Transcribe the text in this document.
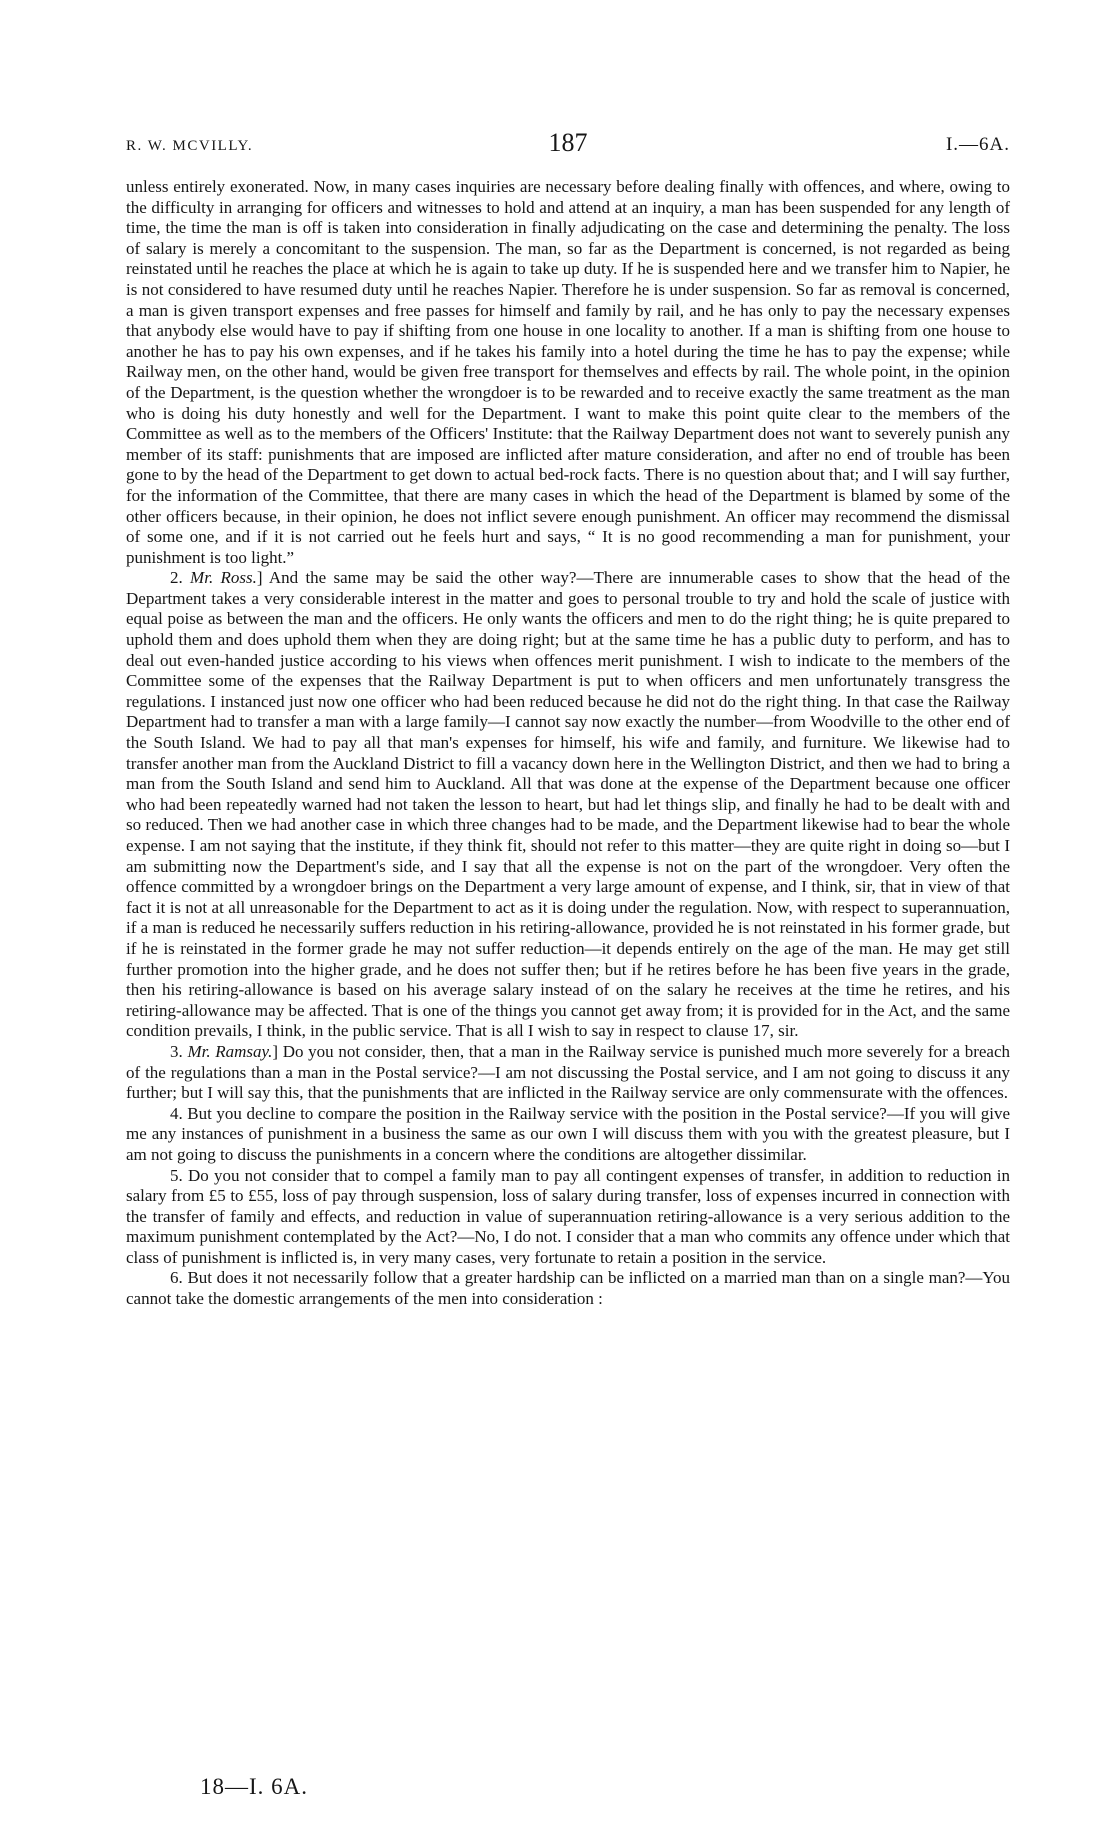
R. W. MCVILLY.	187	I.—6A.

unless entirely exonerated. Now, in many cases inquiries are necessary before dealing finally with offences, and where, owing to the difficulty in arranging for officers and witnesses to hold and attend at an inquiry, a man has been suspended for any length of time, the time the man is off is taken into consideration in finally adjudicating on the case and determining the penalty. The loss of salary is merely a concomitant to the suspension. The man, so far as the Department is concerned, is not regarded as being reinstated until he reaches the place at which he is again to take up duty. If he is suspended here and we transfer him to Napier, he is not considered to have resumed duty until he reaches Napier. Therefore he is under suspension. So far as removal is concerned, a man is given transport expenses and free passes for himself and family by rail, and he has only to pay the necessary expenses that anybody else would have to pay if shifting from one house in one locality to another. If a man is shifting from one house to another he has to pay his own expenses, and if he takes his family into a hotel during the time he has to pay the expense; while Railway men, on the other hand, would be given free transport for themselves and effects by rail. The whole point, in the opinion of the Department, is the question whether the wrongdoer is to be rewarded and to receive exactly the same treatment as the man who is doing his duty honestly and well for the Department. I want to make this point quite clear to the members of the Committee as well as to the members of the Officers' Institute: that the Railway Department does not want to severely punish any member of its staff: punishments that are imposed are inflicted after mature consideration, and after no end of trouble has been gone to by the head of the Department to get down to actual bed-rock facts. There is no question about that; and I will say further, for the information of the Committee, that there are many cases in which the head of the Department is blamed by some of the other officers because, in their opinion, he does not inflict severe enough punishment. An officer may recommend the dismissal of some one, and if it is not carried out he feels hurt and says, “ It is no good recommending a man for punishment, your punishment is too light.”

2. Mr. Ross.] And the same may be said the other way?—There are innumerable cases to show that the head of the Department takes a very considerable interest in the matter and goes to personal trouble to try and hold the scale of justice with equal poise as between the man and the officers. He only wants the officers and men to do the right thing; he is quite prepared to uphold them and does uphold them when they are doing right; but at the same time he has a public duty to perform, and has to deal out even-handed justice according to his views when offences merit punishment. I wish to indicate to the members of the Committee some of the expenses that the Railway Department is put to when officers and men unfortunately transgress the regulations. I instanced just now one officer who had been reduced because he did not do the right thing. In that case the Railway Department had to transfer a man with a large family—I cannot say now exactly the number—from Woodville to the other end of the South Island. We had to pay all that man's expenses for himself, his wife and family, and furniture. We likewise had to transfer another man from the Auckland District to fill a vacancy down here in the Wellington District, and then we had to bring a man from the South Island and send him to Auckland. All that was done at the expense of the Department because one officer who had been repeatedly warned had not taken the lesson to heart, but had let things slip, and finally he had to be dealt with and so reduced. Then we had another case in which three changes had to be made, and the Department likewise had to bear the whole expense. I am not saying that the institute, if they think fit, should not refer to this matter—they are quite right in doing so—but I am submitting now the Department's side, and I say that all the expense is not on the part of the wrongdoer. Very often the offence committed by a wrongdoer brings on the Department a very large amount of expense, and I think, sir, that in view of that fact it is not at all unreasonable for the Department to act as it is doing under the regulation. Now, with respect to superannuation, if a man is reduced he necessarily suffers reduction in his retiring-allowance, provided he is not reinstated in his former grade, but if he is reinstated in the former grade he may not suffer reduction—it depends entirely on the age of the man. He may get still further promotion into the higher grade, and he does not suffer then; but if he retires before he has been five years in the grade, then his retiring-allowance is based on his average salary instead of on the salary he receives at the time he retires, and his retiring-allowance may be affected. That is one of the things you cannot get away from; it is provided for in the Act, and the same condition prevails, I think, in the public service. That is all I wish to say in respect to clause 17, sir.

3. Mr. Ramsay.] Do you not consider, then, that a man in the Railway service is punished much more severely for a breach of the regulations than a man in the Postal service?—I am not discussing the Postal service, and I am not going to discuss it any further; but I will say this, that the punishments that are inflicted in the Railway service are only commensurate with the offences.

4. But you decline to compare the position in the Railway service with the position in the Postal service?—If you will give me any instances of punishment in a business the same as our own I will discuss them with you with the greatest pleasure, but I am not going to discuss the punishments in a concern where the conditions are altogether dissimilar.

5. Do you not consider that to compel a family man to pay all contingent expenses of transfer, in addition to reduction in salary from £5 to £55, loss of pay through suspension, loss of salary during transfer, loss of expenses incurred in connection with the transfer of family and effects, and reduction in value of superannuation retiring-allowance is a very serious addition to the maximum punishment contemplated by the Act?—No, I do not. I consider that a man who commits any offence under which that class of punishment is inflicted is, in very many cases, very fortunate to retain a position in the service.

6. But does it not necessarily follow that a greater hardship can be inflicted on a married man than on a single man?—You cannot take the domestic arrangements of the men into consideration :

18—I. 6A.
